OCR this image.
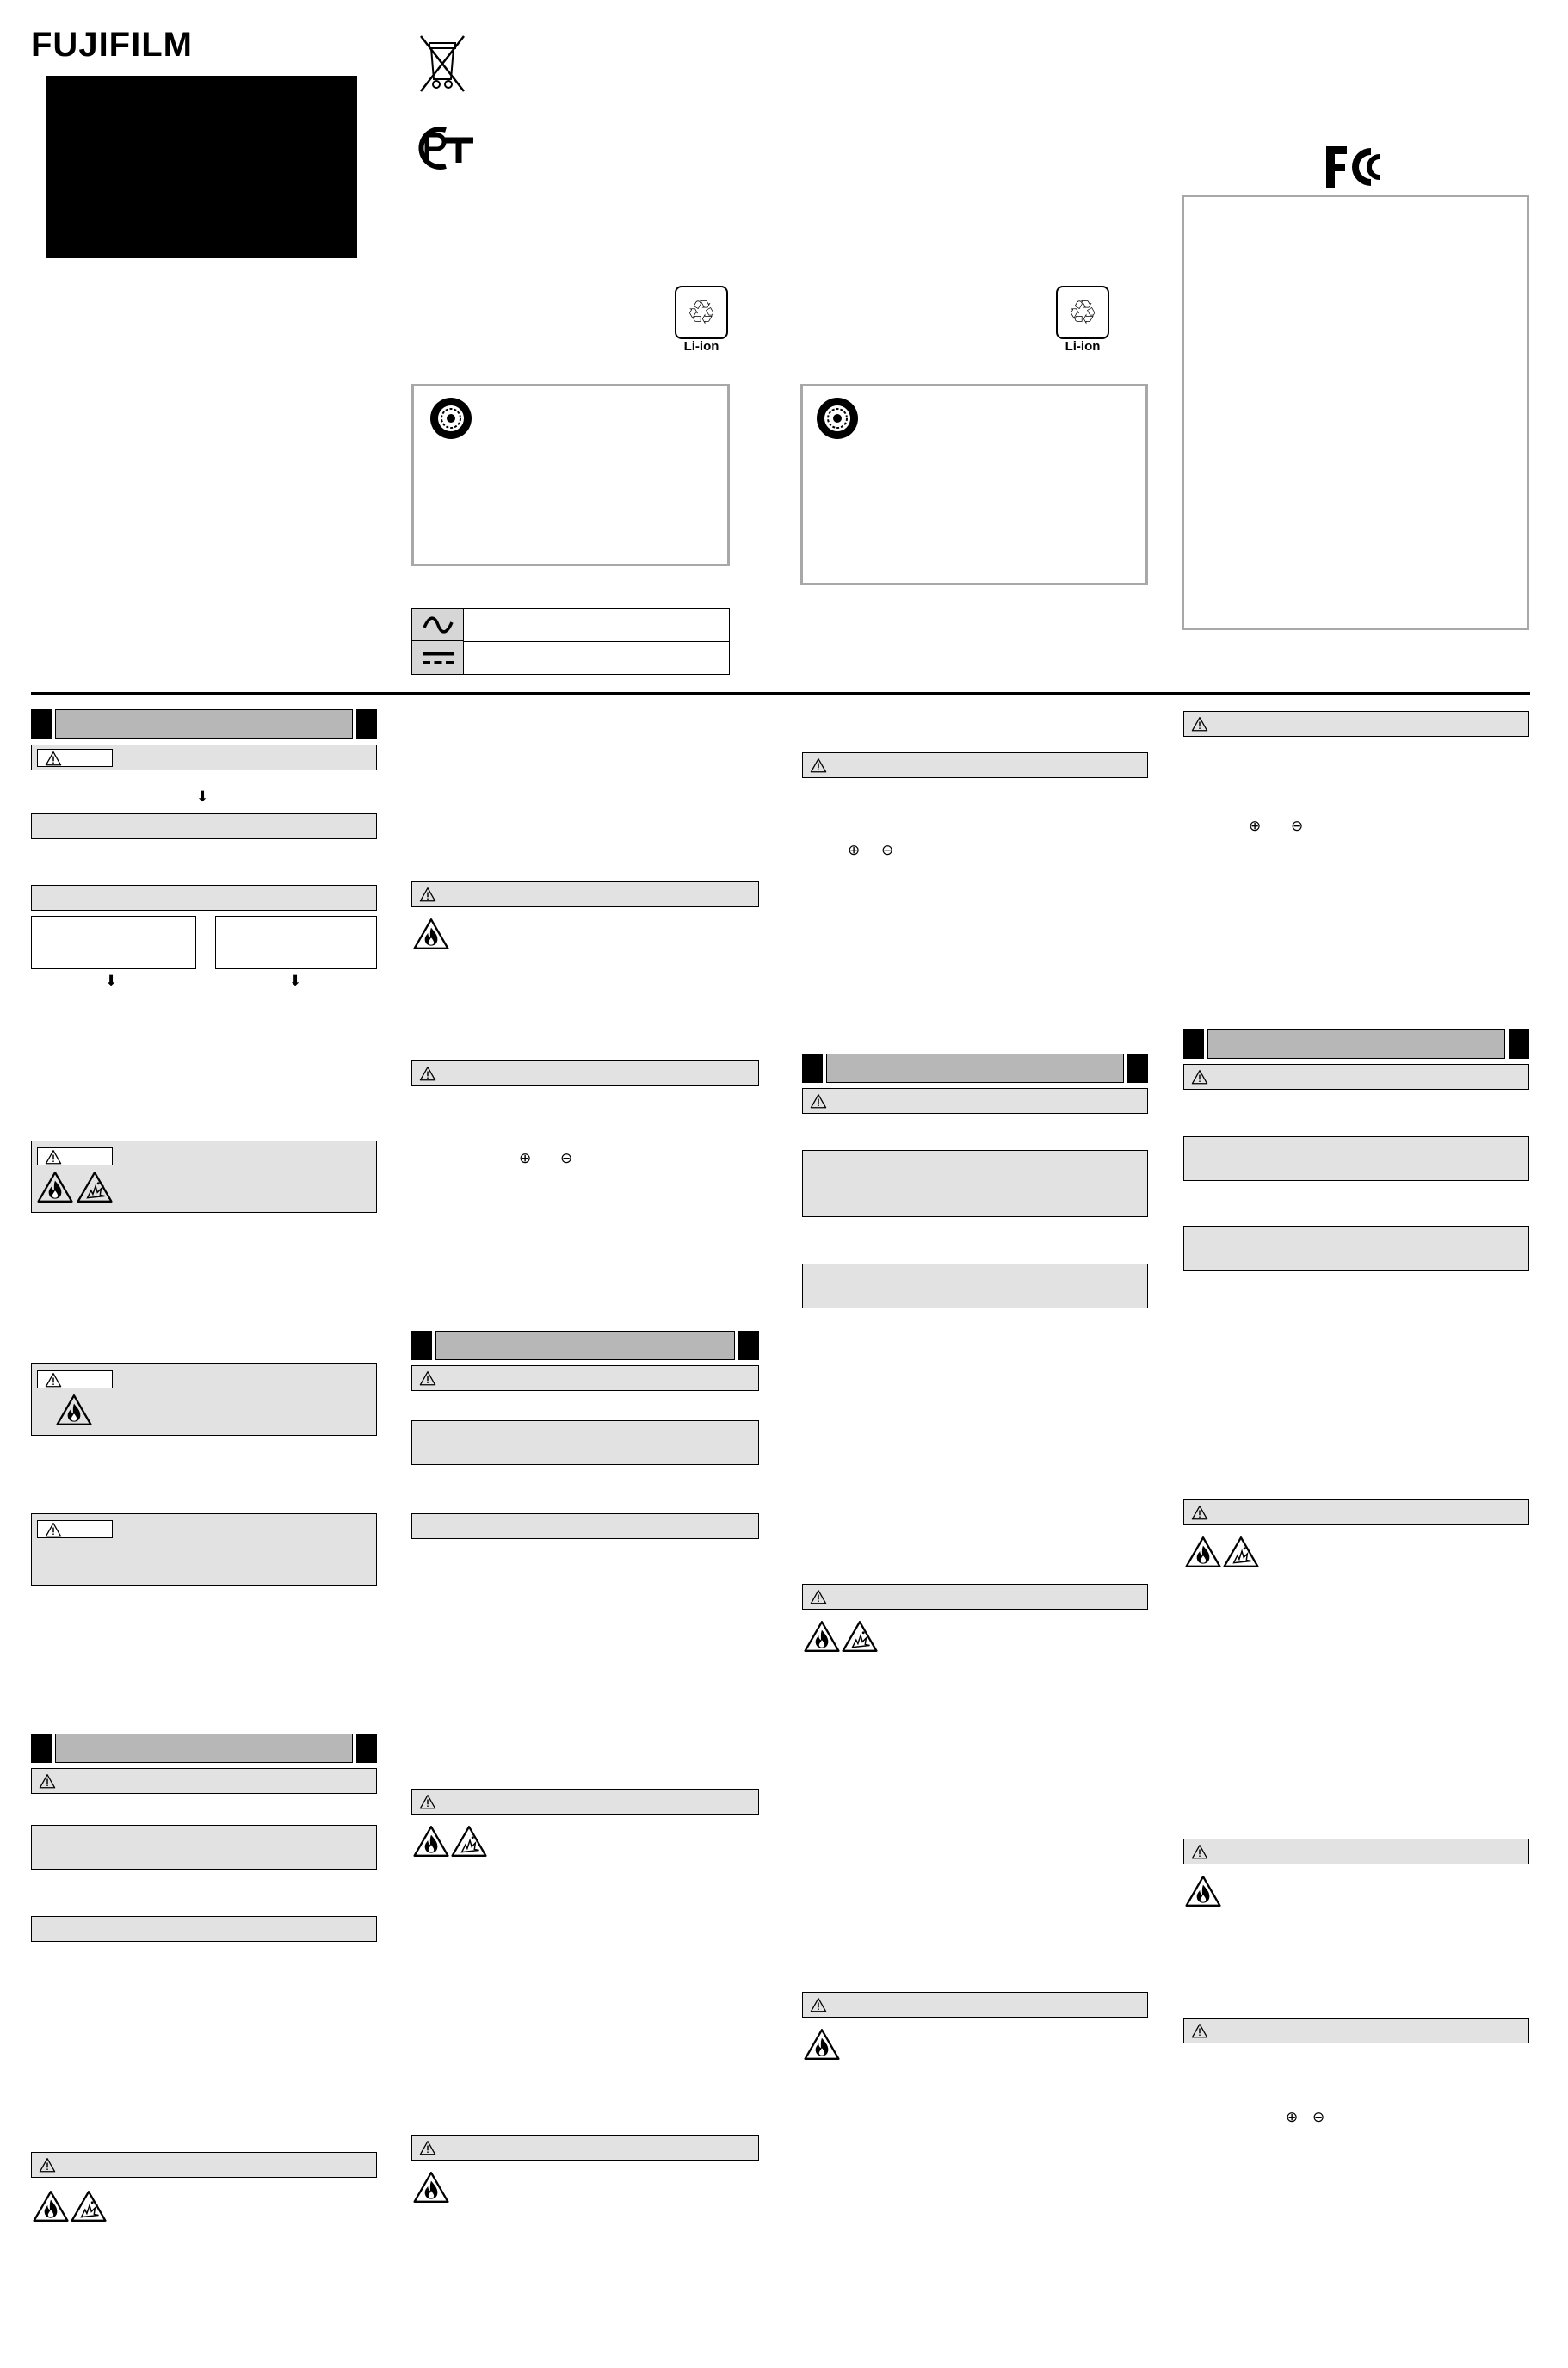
FUJIFILM
♲
Li-ion
♲
Li-ion
⬇
⬇	⬇
⊕ ⊖
⊕ ⊖
⊕ ⊖
⊕ ⊖
